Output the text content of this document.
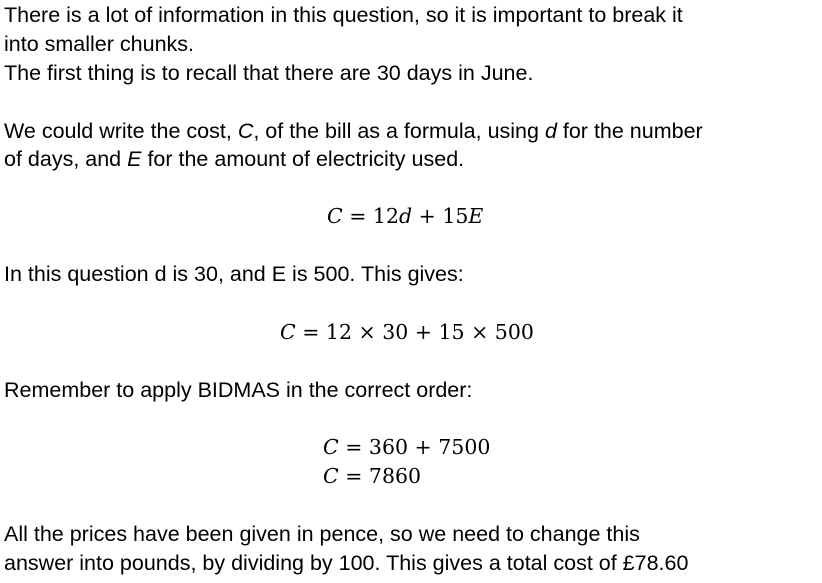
There is a lot of information in this question, so it is important to break it
into smaller chunks.
The first thing is to recall that there are 30 days in June.
We could write the cost, C, of the bill as a formula, using d for the number
of days, and E for the amount of electricity used.
C = 12d + 15E
In this question d is 30, and E is 500. This gives:
C = 12 × 30 + 15 × 500
Remember to apply BIDMAS in the correct order:
C = 360 + 7500
C = 7860
All the prices have been given in pence, so we need to change this
answer into pounds, by dividing by 100. This gives a total cost of £78.60
